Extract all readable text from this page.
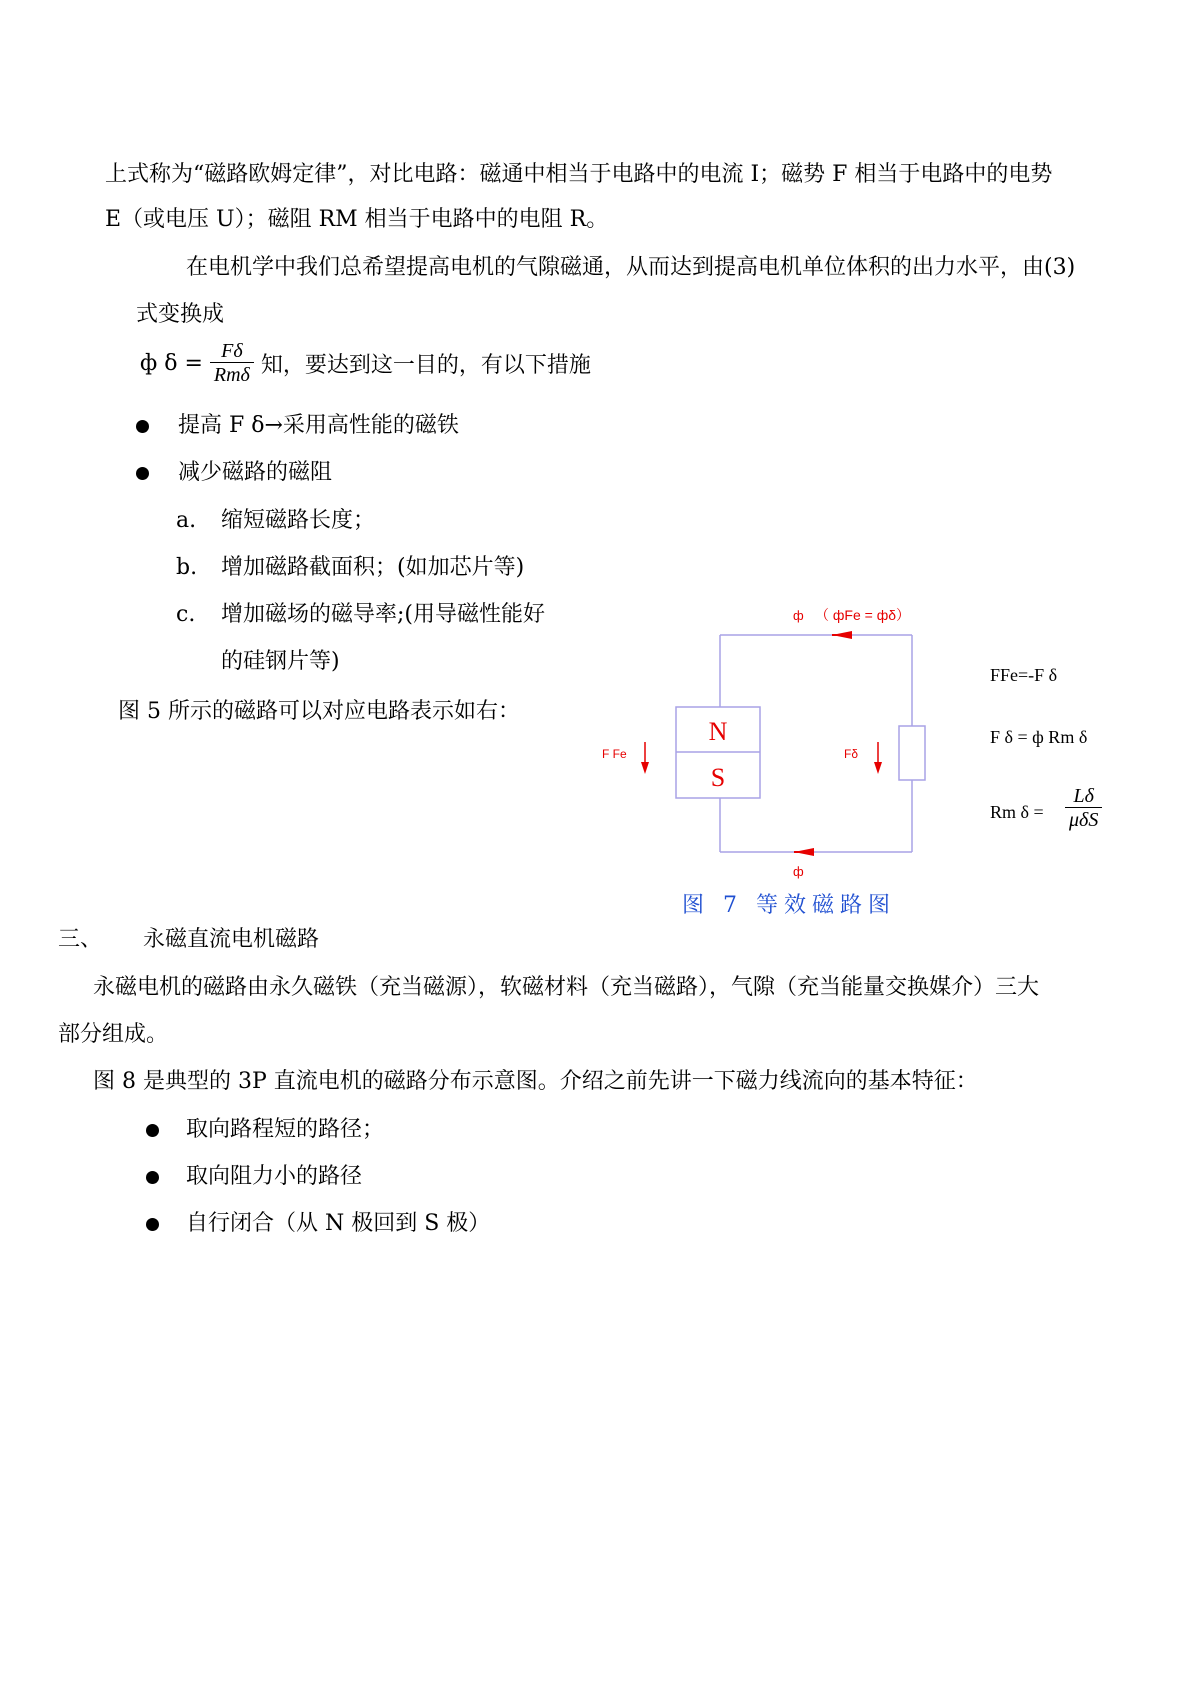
上式称为“磁路欧姆定律”，对比电路：磁通中相当于电路中的电流 I；磁势 F 相当于电路中的电势

E（或电压 U）；磁阻 RM 相当于电路中的电阻 R。

在电机学中我们总希望提高电机的气隙磁通，从而达到提高电机单位体积的出力水平，由(3)

式变换成

ф $\delta = \frac{F\delta}{\text{Rmδ}}$ 知，要达到这一目的，有以下措施

提高 F δ→采用高性能的磁铁

减少磁路的磁阻

a. 缩短磁路长度；

b. 增加磁路截面积；(如加芯片等)

c. 增加磁场的磁导率;(用导磁性能好

的硅钢片等)

图 5 所示的磁路可以对应电路表示如右：

ф （ фFe = фδ）
N
S
F Fe	Fδ
ф
FFe=-F δ
F δ = ф Rm δ
Rm δ =
Lδ
μδS
图 7 等效磁路图

三、 永磁直流电机磁路

永磁电机的磁路由永久磁铁（充当磁源），软磁材料（充当磁路），气隙（充当能量交换媒介）三大

部分组成。

图 8 是典型的 3P 直流电机的磁路分布示意图。介绍之前先讲一下磁力线流向的基本特征：

取向路程短的路径；

取向阻力小的路径

自行闭合（从 N 极回到 S 极）
